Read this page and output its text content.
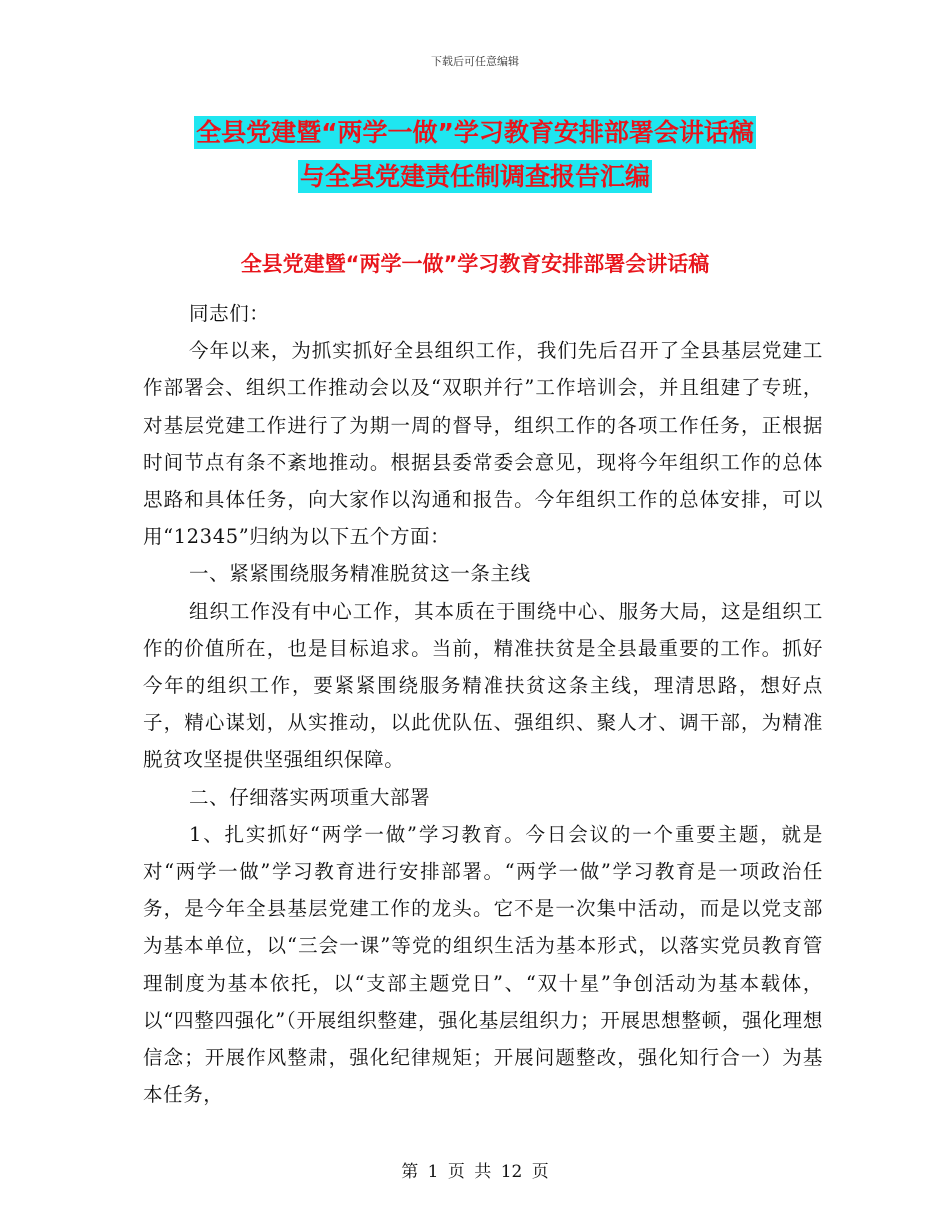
下载后可任意编辑
全县党建暨“两学一做”学习教育安排部署会讲话稿
与全县党建责任制调查报告汇编
全县党建暨“两学一做”学习教育安排部署会讲话稿

同志们：

今年以来，为抓实抓好全县组织工作，我们先后召开了全县基层党建工作部署会、组织工作推动会以及“双职并行”工作培训会，并且组建了专班，对基层党建工作进行了为期一周的督导，组织工作的各项工作任务，正根据时间节点有条不紊地推动。根据县委常委会意见，现将今年组织工作的总体思路和具体任务，向大家作以沟通和报告。今年组织工作的总体安排，可以用“12345”归纳为以下五个方面：

一、紧紧围绕服务精准脱贫这一条主线

组织工作没有中心工作，其本质在于围绕中心、服务大局，这是组织工作的价值所在，也是目标追求。当前，精准扶贫是全县最重要的工作。抓好今年的组织工作，要紧紧围绕服务精准扶贫这条主线，理清思路，想好点子，精心谋划，从实推动，以此优队伍、强组织、聚人才、调干部，为精准脱贫攻坚提供坚强组织保障。

二、仔细落实两项重大部署

1、扎实抓好“两学一做”学习教育。今日会议的一个重要主题，就是对“两学一做”学习教育进行安排部署。“两学一做”学习教育是一项政治任务，是今年全县基层党建工作的龙头。它不是一次集中活动，而是以党支部为基本单位，以“三会一课”等党的组织生活为基本形式，以落实党员教育管理制度为基本依托，以“支部主题党日”、“双十星”争创活动为基本载体，以“四整四强化”（开展组织整建，强化基层组织力；开展思想整顿，强化理想信念；开展作风整肃，强化纪律规矩；开展问题整改，强化知行合一）为基本任务，

第 1 页 共 12 页
